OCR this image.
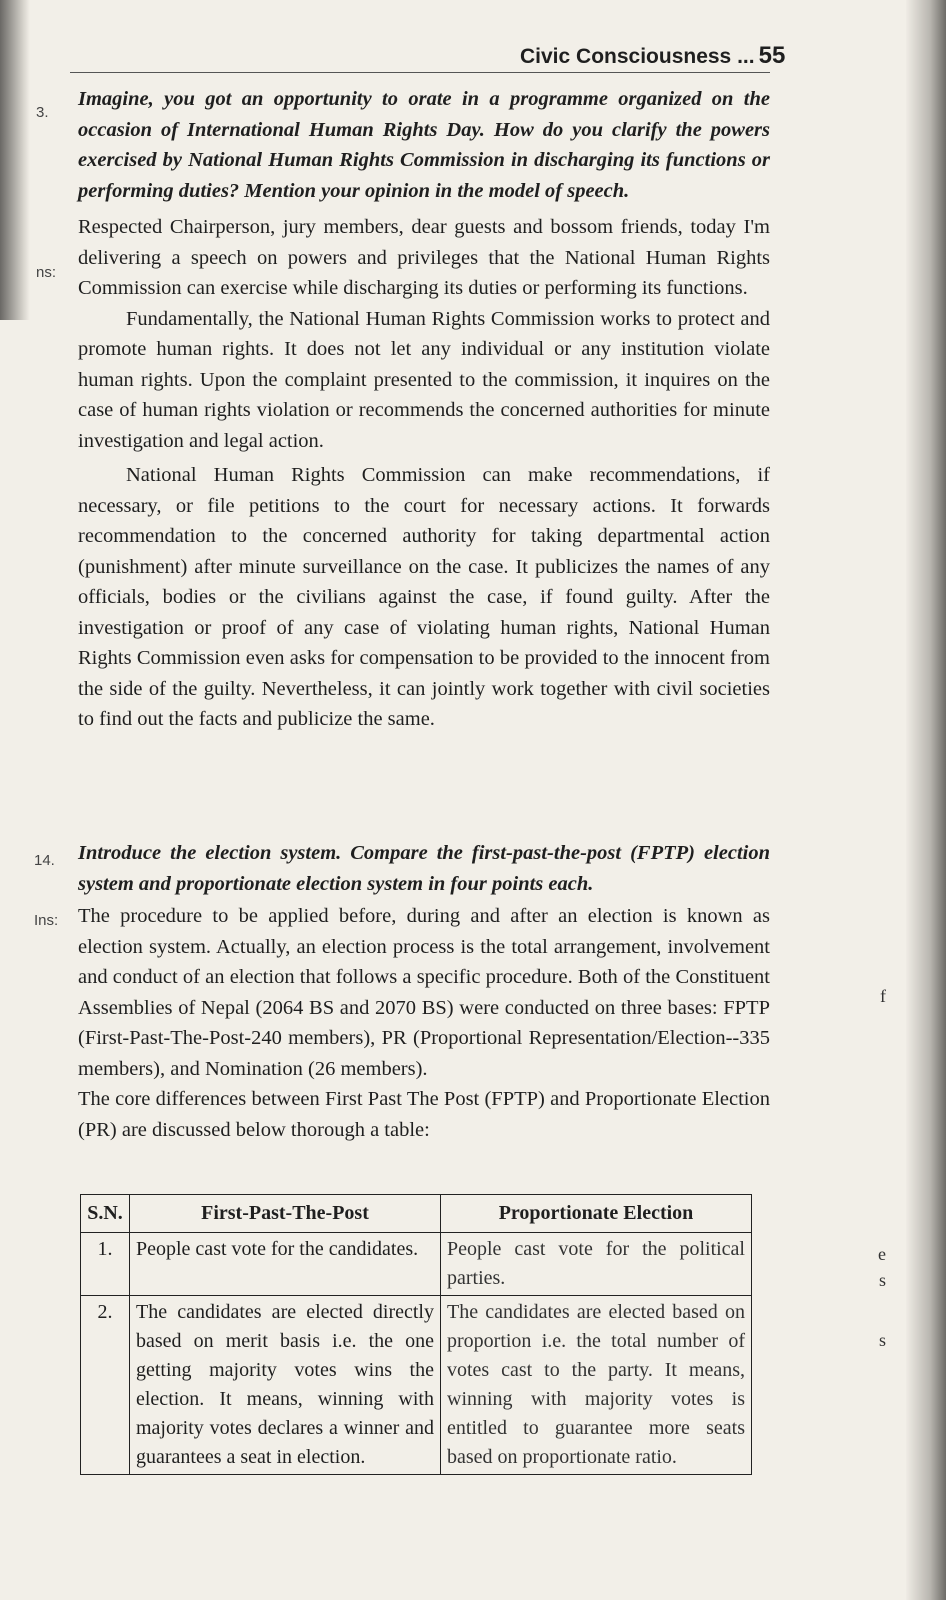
Civic Consciousness ... 55
3.
ns:
14.
Ins:

Imagine, you got an opportunity to orate in a programme organized on the occasion of International Human Rights Day. How do you clarify the powers exercised by National Human Rights Commission in discharging its functions or performing duties? Mention your opinion in the model of speech.

Respected Chairperson, jury members, dear guests and bossom friends, today I'm delivering a speech on powers and privileges that the National Human Rights Commission can exercise while discharging its duties or performing its functions.

Fundamentally, the National Human Rights Commission works to protect and promote human rights. It does not let any individual or any institution violate human rights. Upon the complaint presented to the commission, it inquires on the case of human rights violation or recommends the concerned authorities for minute investigation and legal action.

National Human Rights Commission can make recommendations, if necessary, or file petitions to the court for necessary actions. It forwards recommendation to the concerned authority for taking departmental action (punishment) after minute surveillance on the case. It publicizes the names of any officials, bodies or the civilians against the case, if found guilty. After the investigation or proof of any case of violating human rights, National Human Rights Commission even asks for compensation to be provided to the innocent from the side of the guilty. Nevertheless, it can jointly work together with civil societies to find out the facts and publicize the same.

Introduce the election system. Compare the first-past-the-post (FPTP) election system and proportionate election system in four points each.

The procedure to be applied before, during and after an election is known as election system. Actually, an election process is the total arrangement, involvement and conduct of an election that follows a specific procedure. Both of the Constituent Assemblies of Nepal (2064 BS and 2070 BS) were conducted on three bases: FPTP (First-Past-The-Post-240 members), PR (Proportional Representation/Election--335 members), and Nomination (26 members).

The core differences between First Past The Post (FPTP) and Proportionate Election (PR) are discussed below thorough a table:

S.N.	First-Past-The-Post	Proportionate Election
1.	People cast vote for the candidates.	People cast vote for the political parties.
2.	The candidates are elected directly based on merit basis i.e. the one getting majority votes wins the election. It means, winning with majority votes declares a winner and guarantees a seat in election.	The candidates are elected based on proportion i.e. the total number of votes cast to the party. It means, winning with majority votes is entitled to guarantee more seats based on proportionate ratio.
f
e
s
s
